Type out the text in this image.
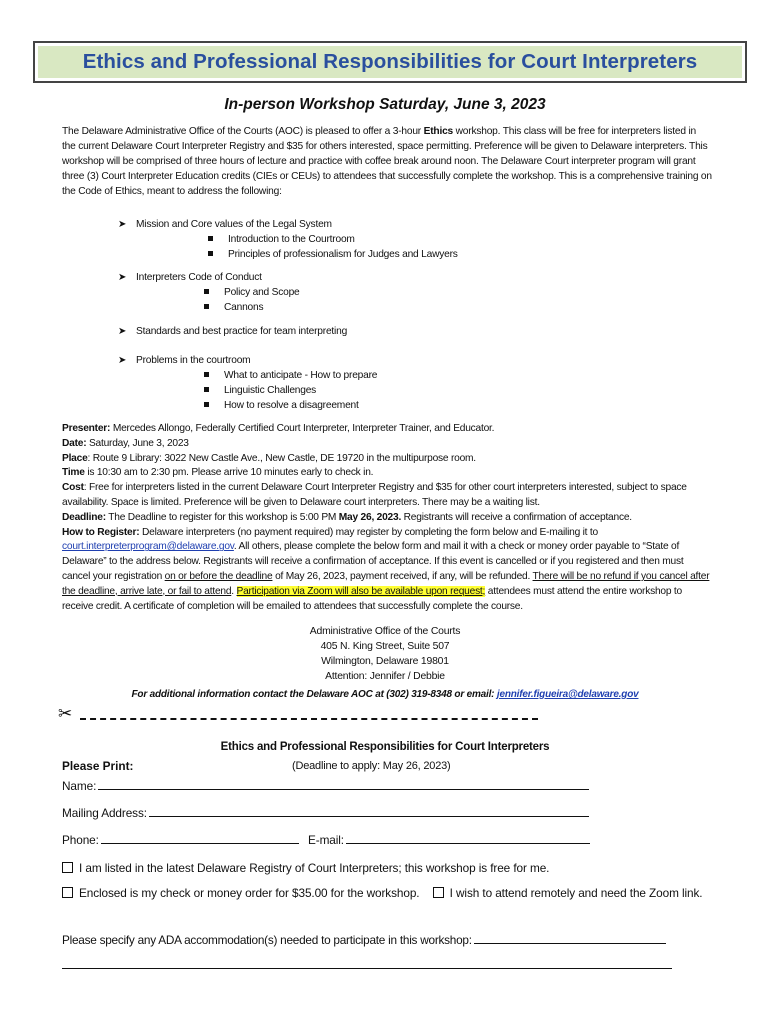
Ethics and Professional Responsibilities for Court Interpreters
In-person Workshop Saturday, June 3, 2023

The Delaware Administrative Office of the Courts (AOC) is pleased to offer a 3-hour Ethics workshop. This class will be free for interpreters listed in the current Delaware Court Interpreter Registry and $35 for others interested, space permitting. Preference will be given to Delaware interpreters. This workshop will be comprised of three hours of lecture and practice with coffee break around noon. The Delaware Court interpreter program will grant three (3) Court Interpreter Education credits (CIEs or CEUs) to attendees that successfully complete the workshop. This is a comprehensive training on the Code of Ethics, meant to address the following:

➤ Mission and Core values of the Legal System
Introduction to the Courtroom
Principles of professionalism for Judges and Lawyers
➤ Interpreters Code of Conduct
Policy and Scope
Cannons
➤ Standards and best practice for team interpreting
➤ Problems in the courtroom
What to anticipate - How to prepare
Linguistic Challenges
How to resolve a disagreement

Presenter: Mercedes Allongo, Federally Certified Court Interpreter, Interpreter Trainer, and Educator.
Date: Saturday, June 3, 2023
Place: Route 9 Library: 3022 New Castle Ave., New Castle, DE 19720 in the multipurpose room.
Time is 10:30 am to 2:30 pm. Please arrive 10 minutes early to check in.
Cost: Free for interpreters listed in the current Delaware Court Interpreter Registry and $35 for other court interpreters interested, subject to space availability. Space is limited. Preference will be given to Delaware court interpreters. There may be a waiting list.
Deadline: The Deadline to register for this workshop is 5:00 PM May 26, 2023. Registrants will receive a confirmation of acceptance.
How to Register: Delaware interpreters (no payment required) may register by completing the form below and E-mailing it to court.interpreterprogram@delaware.gov. All others, please complete the below form and mail it with a check or money order payable to “State of Delaware” to the address below. Registrants will receive a confirmation of acceptance. If this event is cancelled or if you registered and then must cancel your registration on or before the deadline of May 26, 2023, payment received, if any, will be refunded. There will be no refund if you cancel after the deadline, arrive late, or fail to attend. Participation via Zoom will also be available upon request; attendees must attend the entire workshop to receive credit. A certificate of completion will be emailed to attendees that successfully complete the course.

Administrative Office of the Courts
405 N. King Street, Suite 507
Wilmington, Delaware 19801
Attention: Jennifer / Debbie
For additional information contact the Delaware AOC at (302) 319-8348 or email: jennifer.figueira@delaware.gov
✂
Ethics and Professional Responsibilities for Court Interpreters
Please Print:	(Deadline to apply: May 26, 2023)
Name:
Mailing Address:
Phone:	E-mail:
I am listed in the latest Delaware Registry of Court Interpreters; this workshop is free for me.
Enclosed is my check or money order for $35.00 for the workshop.	I wish to attend remotely and need the Zoom link.
Please specify any ADA accommodation(s) needed to participate in this workshop:
